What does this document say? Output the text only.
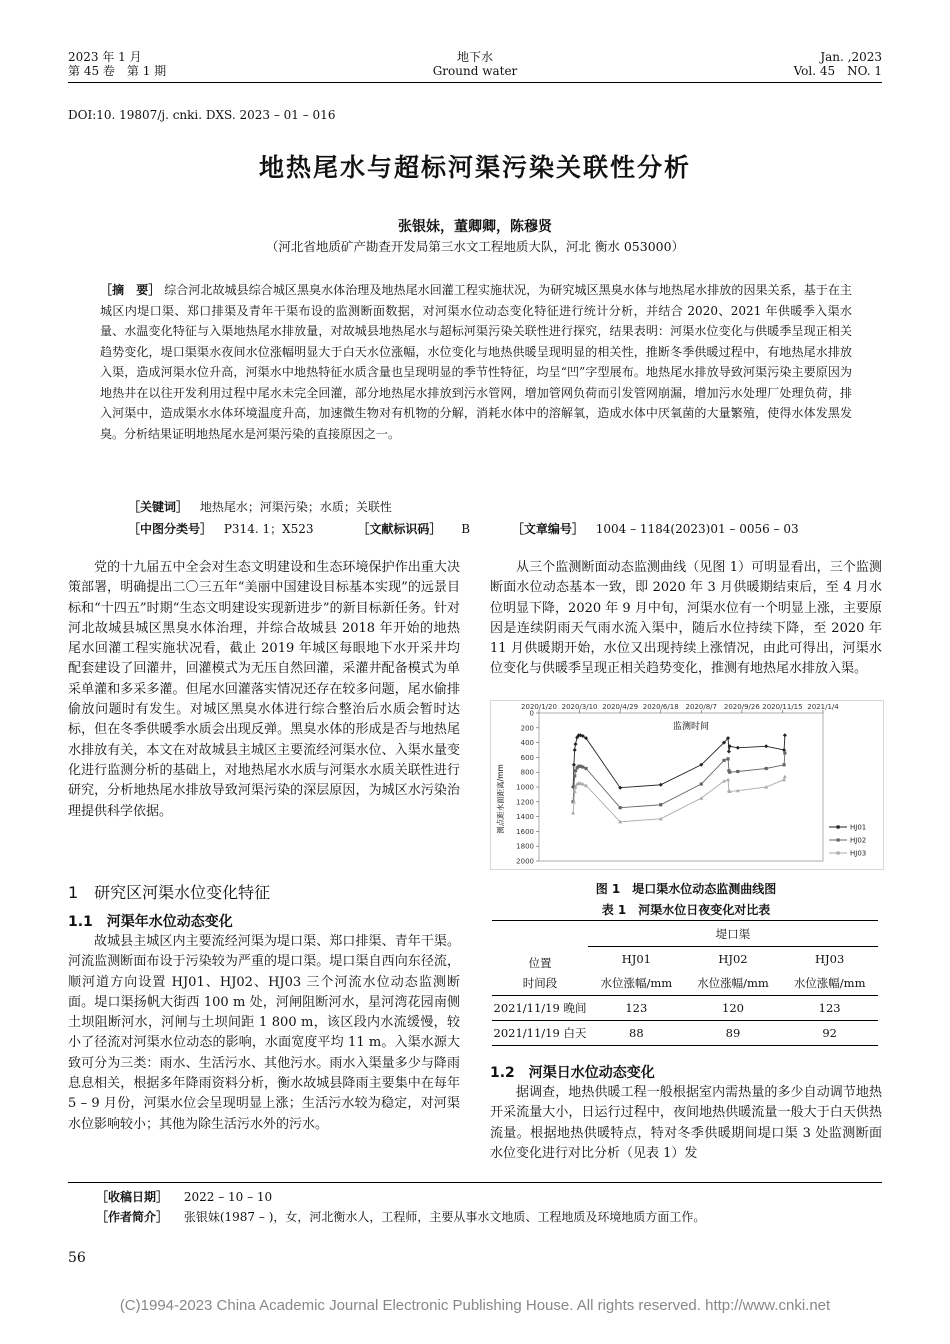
2023 年 1 月
第 45 卷　第 1 期
地下水
Ground water
Jan. ,2023
Vol. 45　NO. 1
DOI:10. 19807/j. cnki. DXS. 2023 – 01 – 016
地热尾水与超标河渠污染关联性分析
张银妹，董卿卿，陈穆贤
（河北省地质矿产勘查开发局第三水文工程地质大队，河北 衡水 053000）
［摘　要］ 综合河北故城县综合城区黑臭水体治理及地热尾水回灌工程实施状况，为研究城区黑臭水体与地热尾水排放的因果关系，基于在主城区内堤口渠、郑口排渠及青年干渠布设的监测断面数据，对河渠水位动态变化特征进行统计分析，并结合 2020、2021 年供暖季入渠水量、水温变化特征与入渠地热尾水排放量，对故城县地热尾水与超标河渠污染关联性进行探究，结果表明：河渠水位变化与供暖季呈现正相关趋势变化，堤口渠渠水夜间水位涨幅明显大于白天水位涨幅，水位变化与地热供暖呈现明显的相关性，推断冬季供暖过程中，有地热尾水排放入渠，造成河渠水位升高，河渠水中地热特征水质含量也呈现明显的季节性特征，均呈“凹”字型展布。地热尾水排放导致河渠污染主要原因为地热井在以往开发利用过程中尾水未完全回灌，部分地热尾水排放到污水管网，增加管网负荷而引发管网崩漏，增加污水处理厂处理负荷，排入河渠中，造成渠水水体环境温度升高，加速微生物对有机物的分解，消耗水体中的溶解氧，造成水体中厌氧菌的大量繁殖，使得水体发黑发臭。分析结果证明地热尾水是河渠污染的直接原因之一。
［关键词］ 地热尾水；河渠污染；水质；关联性
［中图分类号］ P314. 1；X523	［文献标识码］ B	［文章编号］ 1004 – 1184(2023)01 – 0056 – 03

党的十九届五中全会对生态文明建设和生态环境保护作出重大决策部署，明确提出二〇三五年“美丽中国建设目标基本实现”的远景目标和“十四五”时期“生态文明建设实现新进步”的新目标新任务。针对河北故城县城区黑臭水体治理，并综合故城县 2018 年开始的地热尾水回灌工程实施状况看，截止 2019 年城区每眼地下水开采井均配套建设了回灌井，回灌模式为无压自然回灌，采灌井配备模式为单采单灌和多采多灌。但尾水回灌落实情况还存在较多问题，尾水偷排偷放问题时有发生。对城区黑臭水体进行综合整治后水质会暂时达标，但在冬季供暖季水质会出现反弹。黑臭水体的形成是否与地热尾水排放有关，本文在对故城县主城区主要流经河渠水位、入渠水量变化进行监测分析的基础上，对地热尾水水质与河渠水水质关联性进行研究，分析地热尾水排放导致河渠污染的深层原因，为城区水污染治理提供科学依据。

1　研究区河渠水位变化特征
1.1　河渠年水位动态变化

故城县主城区内主要流经河渠为堤口渠、郑口排渠、青年干渠。河流监测断面布设于污染较为严重的堤口渠。堤口渠自西向东径流，顺河道方向设置 HJ01、HJ02、HJ03 三个河流水位动态监测断面。堤口渠扬帆大街西 100 m 处，河闸阻断河水，星河湾花园南侧土坝阻断河水，河闸与土坝间距 1 800 m，该区段内水流缓慢，较小了径流对河渠水位动态的影响，水面宽度平均 11 m。入渠水源大致可分为三类：雨水、生活污水、其他污水。雨水入渠量多少与降雨息息相关，根据多年降雨资料分析，衡水故城县降雨主要集中在每年 5 – 9 月份，河渠水位会呈现明显上涨；生活污水较为稳定，对河渠水位影响较小；其他为除生活污水外的污水。

从三个监测断面动态监测曲线（见图 1）可明显看出，三个监测断面水位动态基本一致，即 2020 年 3 月供暖期结束后，至 4 月水位明显下降，2020 年 9 月中旬，河渠水位有一个明显上涨，主要原因是连续阴雨天气雨水流入渠中，随后水位持续下降，至 2020 年 11 月供暖期开始，水位又出现持续上涨情况，由此可得出，河渠水位变化与供暖季呈现正相关趋势变化，推测有地热尾水排放入渠。

2020/1/20 2020/3/10 2020/4/29 2020/6/18 2020/8/7 2020/9/26 2020/11/15 2021/1/4
0
200
400
600
800
1000
1200
1400
1600
1800
2000
监测时间
测点距水面距离/mm	HJ01
HJ02
HJ03
图 1　堤口渠水位动态监测曲线图
表 1　河渠水位日夜变化对比表
位置	堤口渠		
	HJ01	HJ02	HJ03
时间段	水位涨幅/mm	水位涨幅/mm	水位涨幅/mm
2021/11/19 晚间	123	120	123
2021/11/19 白天	88	89	92
1.2　河渠日水位动态变化

据调查，地热供暖工程一般根据室内需热量的多少自动调节地热开采流量大小，日运行过程中，夜间地热供暖流量一般大于白天供热流量。根据地热供暖特点，特对冬季供暖期间堤口渠 3 处监测断面水位变化进行对比分析（见表 1）发

［收稿日期］ 2022 – 10 – 10
［作者简介］ 张银妹(1987 – )，女，河北衡水人，工程师，主要从事水文地质、工程地质及环境地质方面工作。
56
(C)1994-2023 China Academic Journal Electronic Publishing House. All rights reserved. http://www.cnki.net
